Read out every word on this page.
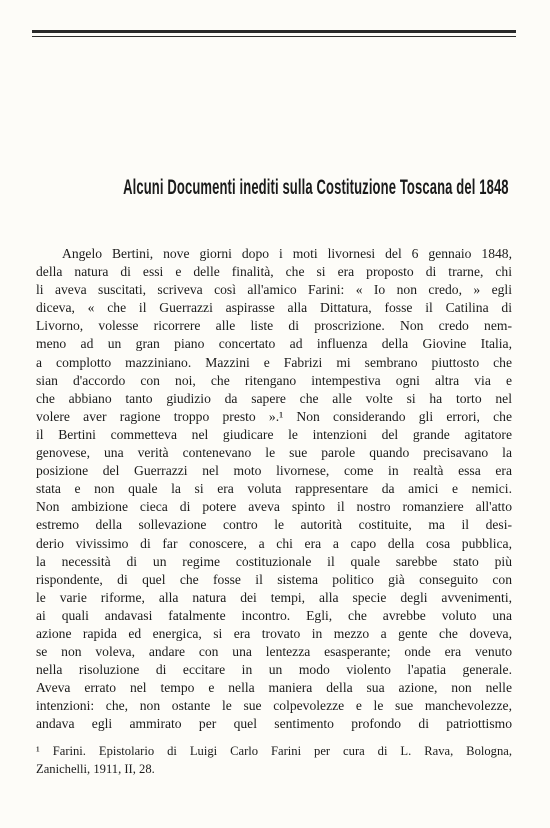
Alcuni Documenti inediti sulla Costituzione Toscana del 1848
Angelo Bertini, nove giorni dopo i moti livornesi del 6 gennaio 1848,
della natura di essi e delle finalità, che si era proposto di trarne, chi
li aveva suscitati, scriveva così all'amico Farini: « Io non credo, » egli
diceva, « che il Guerrazzi aspirasse alla Dittatura, fosse il Catilina di
Livorno, volesse ricorrere alle liste di proscrizione. Non credo nem-
meno ad un gran piano concertato ad influenza della Giovine Italia,
a complotto mazziniano. Mazzini e Fabrizi mi sembrano piuttosto che
sian d'accordo con noi, che ritengano intempestiva ogni altra via e
che abbiano tanto giudizio da sapere che alle volte si ha torto nel
volere aver ragione troppo presto ».¹ Non considerando gli errori, che
il Bertini commetteva nel giudicare le intenzioni del grande agitatore
genovese, una verità contenevano le sue parole quando precisavano la
posizione del Guerrazzi nel moto livornese, come in realtà essa era
stata e non quale la si era voluta rappresentare da amici e nemici.
Non ambizione cieca di potere aveva spinto il nostro romanziere all'atto
estremo della sollevazione contro le autorità costituite, ma il desi-
derio vivissimo di far conoscere, a chi era a capo della cosa pubblica,
la necessità di un regime costituzionale il quale sarebbe stato più
rispondente, di quel che fosse il sistema politico già conseguito con
le varie riforme, alla natura dei tempi, alla specie degli avvenimenti,
ai quali andavasi fatalmente incontro. Egli, che avrebbe voluto una
azione rapida ed energica, si era trovato in mezzo a gente che doveva,
se non voleva, andare con una lentezza esasperante; onde era venuto
nella risoluzione di eccitare in un modo violento l'apatia generale.
Aveva errato nel tempo e nella maniera della sua azione, non nelle
intenzioni: che, non ostante le sue colpevolezze e le sue manchevolezze,
andava egli ammirato per quel sentimento profondo di patriottismo
¹ Farini. Epistolario di Luigi Carlo Farini per cura di L. Rava, Bologna,
Zanichelli, 1911, II, 28.
